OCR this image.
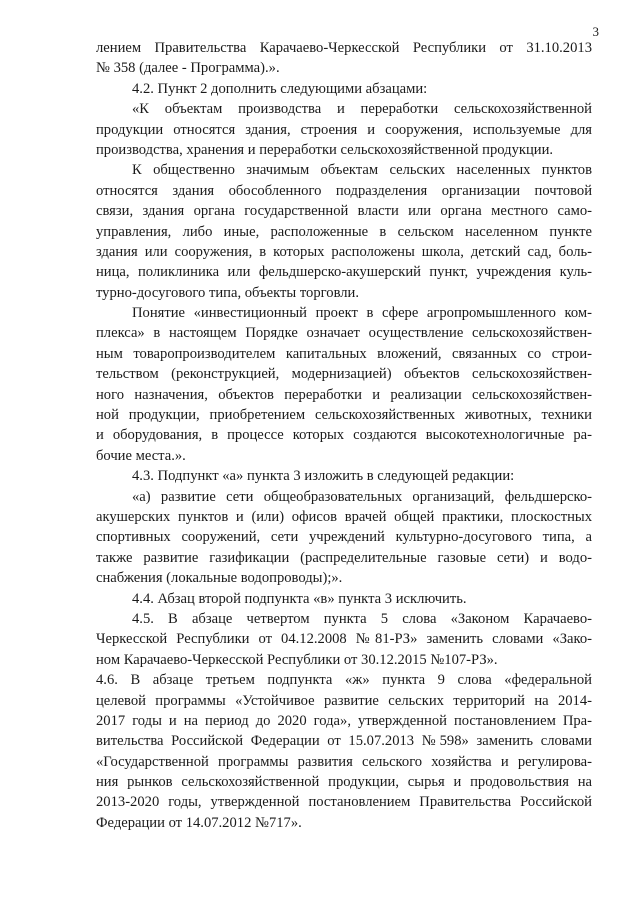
3
лением Правительства Карачаево-Черкесской Республики от 31.10.2013
№ 358 (далее - Программа).».
4.2. Пункт 2 дополнить следующими абзацами:
«К объектам производства и переработки сельскохозяйственной
продукции относятся здания, строения и сооружения, используемые для
производства, хранения и переработки сельскохозяйственной продукции.
К общественно значимым объектам сельских населенных пунктов
относятся здания обособленного подразделения организации почтовой
связи, здания органа государственной власти или органа местного само-
управления, либо иные, расположенные в сельском населенном пункте
здания или сооружения, в которых расположены школа, детский сад, боль-
ница, поликлиника или фельдшерско-акушерский пункт, учреждения куль-
турно-досугового типа, объекты торговли.
Понятие «инвестиционный проект в сфере агропромышленного ком-
плекса» в настоящем Порядке означает осуществление сельскохозяйствен-
ным товаропроизводителем капитальных вложений, связанных со строи-
тельством (реконструкцией, модернизацией) объектов сельскохозяйствен-
ного назначения, объектов переработки и реализации сельскохозяйствен-
ной продукции, приобретением сельскохозяйственных животных, техники
и оборудования, в процессе которых создаются высокотехнологичные ра-
бочие места.».
4.3. Подпункт «а» пункта 3 изложить в следующей редакции:
«а) развитие сети общеобразовательных организаций, фельдшерско-
акушерских пунктов и (или) офисов врачей общей практики, плоскостных
спортивных сооружений, сети учреждений культурно-досугового типа, а
также развитие газификации (распределительные газовые сети) и водо-
снабжения (локальные водопроводы);».
4.4. Абзац второй подпункта «в» пункта 3 исключить.
4.5. В абзаце четвертом пункта 5 слова «Законом Карачаево-
Черкесской Республики от 04.12.2008 №81-РЗ» заменить словами «Зако-
ном Карачаево-Черкесской Республики от 30.12.2015 №107-РЗ».
4.6. В абзаце третьем подпункта «ж» пункта 9 слова «федеральной
целевой программы «Устойчивое развитие сельских территорий на 2014-
2017 годы и на период до 2020 года», утвержденной постановлением Пра-
вительства Российской Федерации от 15.07.2013 №598» заменить словами
«Государственной программы развития сельского хозяйства и регулирова-
ния рынков сельскохозяйственной продукции, сырья и продовольствия на
2013-2020 годы, утвержденной постановлением Правительства Российской
Федерации от 14.07.2012 №717».
